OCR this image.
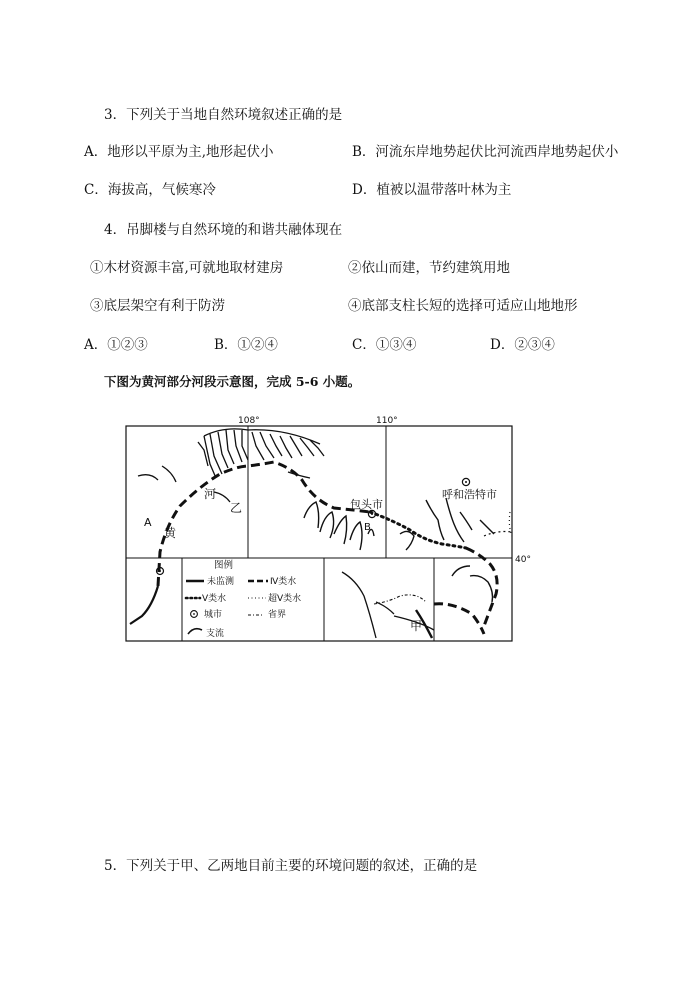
3．下列关于当地自然环境叙述正确的是
A．地形以平原为主,地形起伏小	B．河流东岸地势起伏比河流西岸地势起伏小
C．海拔高，气候寒冷	D．植被以温带落叶林为主
4．吊脚楼与自然环境的和谐共融体现在
①木材资源丰富,可就地取材建房	②依山而建，节约建筑用地
③底层架空有利于防涝	④底部支柱长短的选择可适应山地地形
A．①②③	B．①②④	C．①③④	D．②③④
下图为黄河部分河段示意图，完成 5-6 小题。
108°	110°
40°
包头市
呼和浩特市
河
黄
乙
A	B
甲
图例
未监测	Ⅳ类水
Ⅴ类水	超Ⅴ类水
城市	省界
支流
5．下列关于甲、乙两地目前主要的环境问题的叙述，正确的是
